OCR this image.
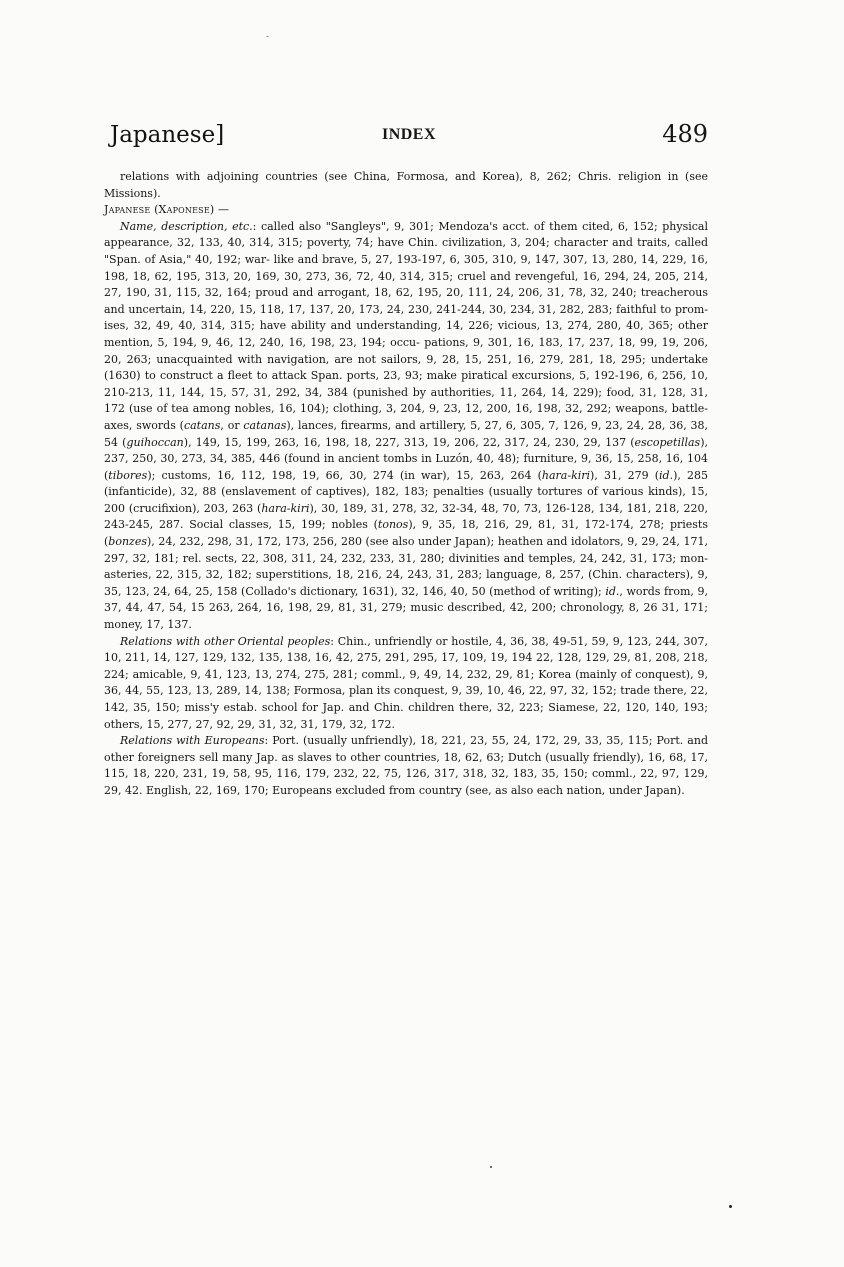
Japanese]	INDEX	489

relations with adjoining countries (see China, Formosa, and Korea), 8, 262; Chris. religion in (see Missions).

Japanese (Xaponese) —

Name, description, etc.: called also "Sangleys", 9, 301; Mendoza's acct. of them cited, 6, 152; physical appearance, 32, 133, 40, 314, 315; poverty, 74; have Chin. civilization, 3, 204; character and traits, called "Span. of Asia," 40, 192; war- like and brave, 5, 27, 193-197, 6, 305, 310, 9, 147, 307, 13, 280, 14, 229, 16, 198, 18, 62, 195, 313, 20, 169, 30, 273, 36, 72, 40, 314, 315; cruel and revengeful, 16, 294, 24, 205, 214, 27, 190, 31, 115, 32, 164; proud and arrogant, 18, 62, 195, 20, 111, 24, 206, 31, 78, 32, 240; treacherous and uncertain, 14, 220, 15, 118, 17, 137, 20, 173, 24, 230, 241-244, 30, 234, 31, 282, 283; faithful to prom- ises, 32, 49, 40, 314, 315; have ability and understanding, 14, 226; vicious, 13, 274, 280, 40, 365; other mention, 5, 194, 9, 46, 12, 240, 16, 198, 23, 194; occu- pations, 9, 301, 16, 183, 17, 237, 18, 99, 19, 206, 20, 263; unacquainted with navigation, are not sailors, 9, 28, 15, 251, 16, 279, 281, 18, 295; undertake (1630) to construct a fleet to attack Span. ports, 23, 93; make piratical excursions, 5, 192-196, 6, 256, 10, 210-213, 11, 144, 15, 57, 31, 292, 34, 384 (punished by authorities, 11, 264, 14, 229); food, 31, 128, 31, 172 (use of tea among nobles, 16, 104); clothing, 3, 204, 9, 23, 12, 200, 16, 198, 32, 292; weapons, battle- axes, swords (catans, or catanas), lances, firearms, and artillery, 5, 27, 6, 305, 7, 126, 9, 23, 24, 28, 36, 38, 54 (guihoccan), 149, 15, 199, 263, 16, 198, 18, 227, 313, 19, 206, 22, 317, 24, 230, 29, 137 (escopetillas), 237, 250, 30, 273, 34, 385, 446 (found in ancient tombs in Luzón, 40, 48); furniture, 9, 36, 15, 258, 16, 104 (tibores); customs, 16, 112, 198, 19, 66, 30, 274 (in war), 15, 263, 264 (hara-kiri), 31, 279 (id.), 285 (infanticide), 32, 88 (enslavement of captives), 182, 183; penalties (usually tortures of various kinds), 15, 200 (crucifixion), 203, 263 (hara-kiri), 30, 189, 31, 278, 32, 32-34, 48, 70, 73, 126-128, 134, 181, 218, 220, 243-245, 287. Social classes, 15, 199; nobles (tonos), 9, 35, 18, 216, 29, 81, 31, 172-174, 278; priests (bonzes), 24, 232, 298, 31, 172, 173, 256, 280 (see also under Japan); heathen and idolators, 9, 29, 24, 171, 297, 32, 181; rel. sects, 22, 308, 311, 24, 232, 233, 31, 280; divinities and temples, 24, 242, 31, 173; mon- asteries, 22, 315, 32, 182; superstitions, 18, 216, 24, 243, 31, 283; language, 8, 257, (Chin. characters), 9, 35, 123, 24, 64, 25, 158 (Collado's dictionary, 1631), 32, 146, 40, 50 (method of writing); id., words from, 9, 37, 44, 47, 54, 15 263, 264, 16, 198, 29, 81, 31, 279; music described, 42, 200; chronology, 8, 26 31, 171; money, 17, 137.

Relations with other Oriental peoples: Chin., unfriendly or hostile, 4, 36, 38, 49-51, 59, 9, 123, 244, 307, 10, 211, 14, 127, 129, 132, 135, 138, 16, 42, 275, 291, 295, 17, 109, 19, 194 22, 128, 129, 29, 81, 208, 218, 224; amicable, 9, 41, 123, 13, 274, 275, 281; comml., 9, 49, 14, 232, 29, 81; Korea (mainly of conquest), 9, 36, 44, 55, 123, 13, 289, 14, 138; Formosa, plan its conquest, 9, 39, 10, 46, 22, 97, 32, 152; trade there, 22, 142, 35, 150; miss'y estab. school for Jap. and Chin. children there, 32, 223; Siamese, 22, 120, 140, 193; others, 15, 277, 27, 92, 29, 31, 32, 31, 179, 32, 172.

Relations with Europeans: Port. (usually unfriendly), 18, 221, 23, 55, 24, 172, 29, 33, 35, 115; Port. and other foreigners sell many Jap. as slaves to other countries, 18, 62, 63; Dutch (usually friendly), 16, 68, 17, 115, 18, 220, 231, 19, 58, 95, 116, 179, 232, 22, 75, 126, 317, 318, 32, 183, 35, 150; comml., 22, 97, 129, 29, 42. English, 22, 169, 170; Europeans excluded from country (see, as also each nation, under Japan).
